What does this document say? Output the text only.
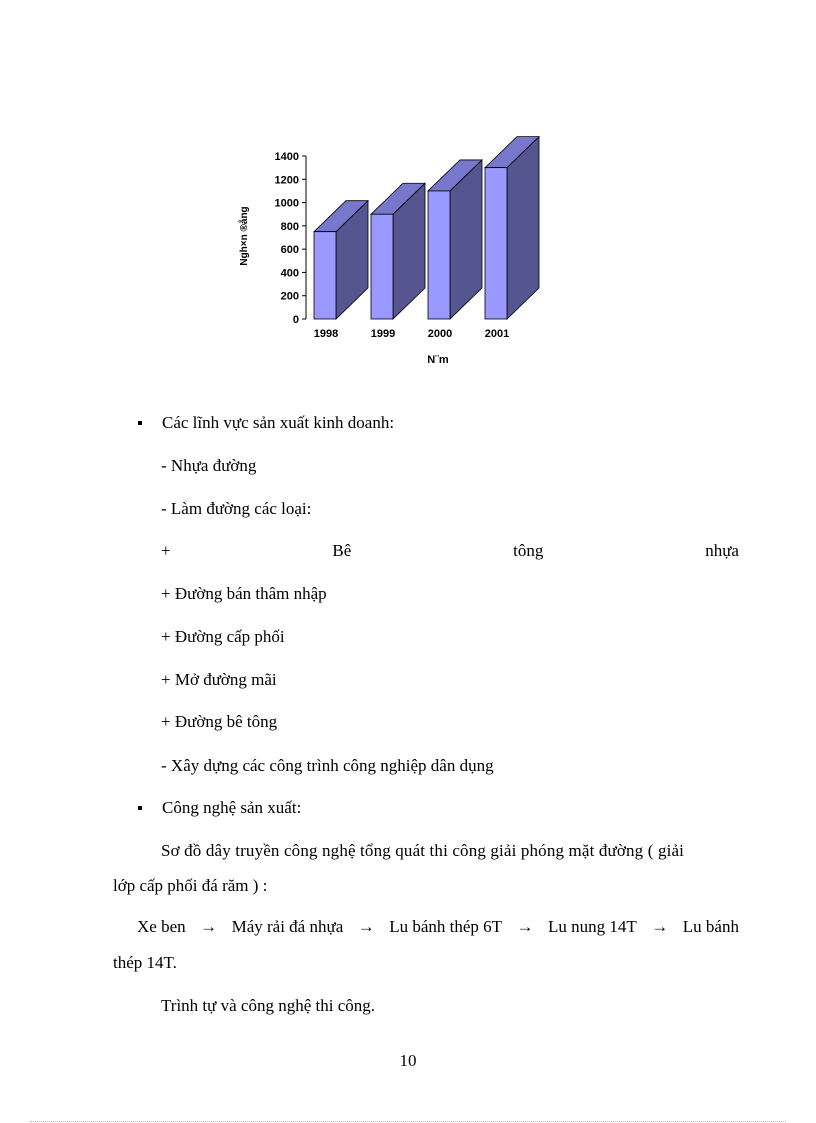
0
200
400
600
800
1000
1200
1400
1998	1999	2000	2001
N¨m
Ngh×n ®ång
Các lĩnh vực sản xuất kinh doanh:
- Nhựa đường
- Làm đường các loại:
+	Bê	tông	nhựa
+ Đường bán thâm nhập
+ Đường cấp phối
+ Mở đường mãi
+ Đường bê tông
- Xây dựng các công trình công nghiệp dân dụng
Công nghệ sản xuất:
Sơ đồ dây truyền công nghệ tổng quát thi công giải phóng mặt đường ( giải
lớp cấp phối đá răm ) :
Xe ben → Máy rải đá nhựa → Lu bánh thép 6T → Lu nung 14T → Lu bánh
thép 14T.
Trình tự và công nghệ thi công.
10
